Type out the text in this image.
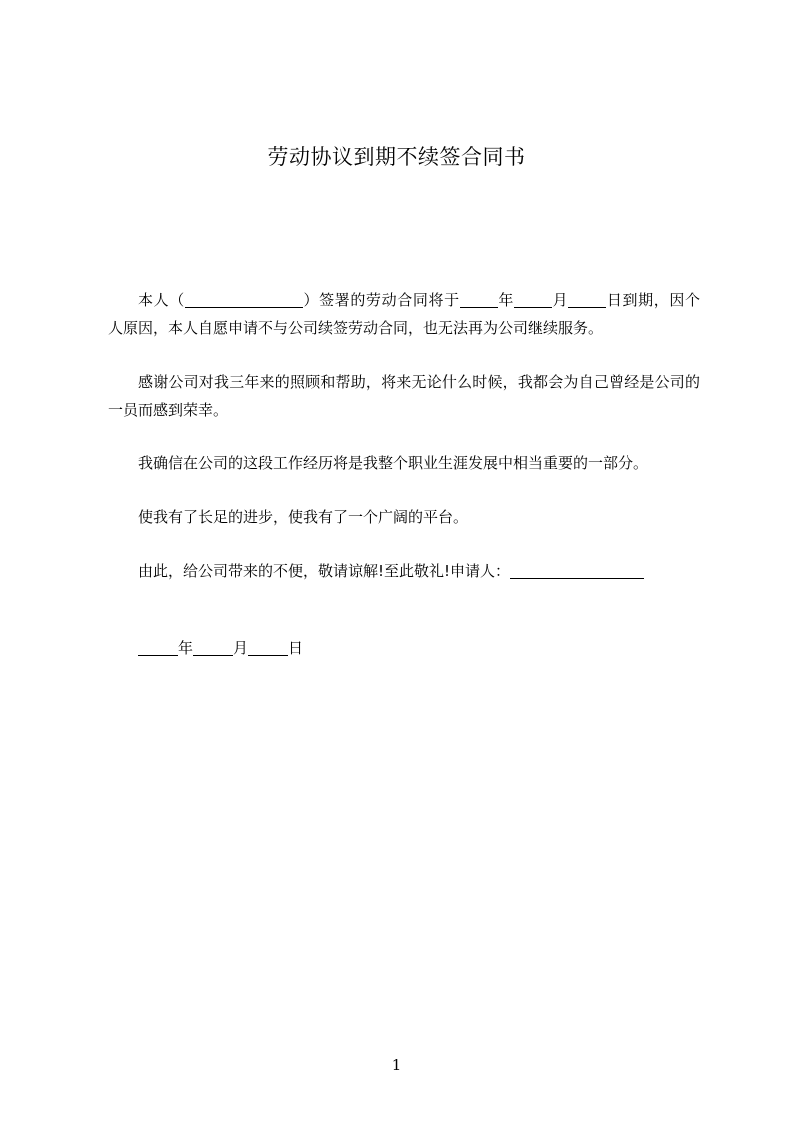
劳动协议到期不续签合同书

本人（	）签署的劳动合同将于	年	月	日到期，因个人原因，本人自愿申请不与公司续签劳动合同，也无法再为公司继续服务。

感谢公司对我三年来的照顾和帮助，将来无论什么时候，我都会为自己曾经是公司的一员而感到荣幸。

我确信在公司的这段工作经历将是我整个职业生涯发展中相当重要的一部分。

使我有了长足的进步，使我有了一个广阔的平台。

由此，给公司带来的不便，敬请谅解!至此敬礼!申请人：

年	月	日

1
